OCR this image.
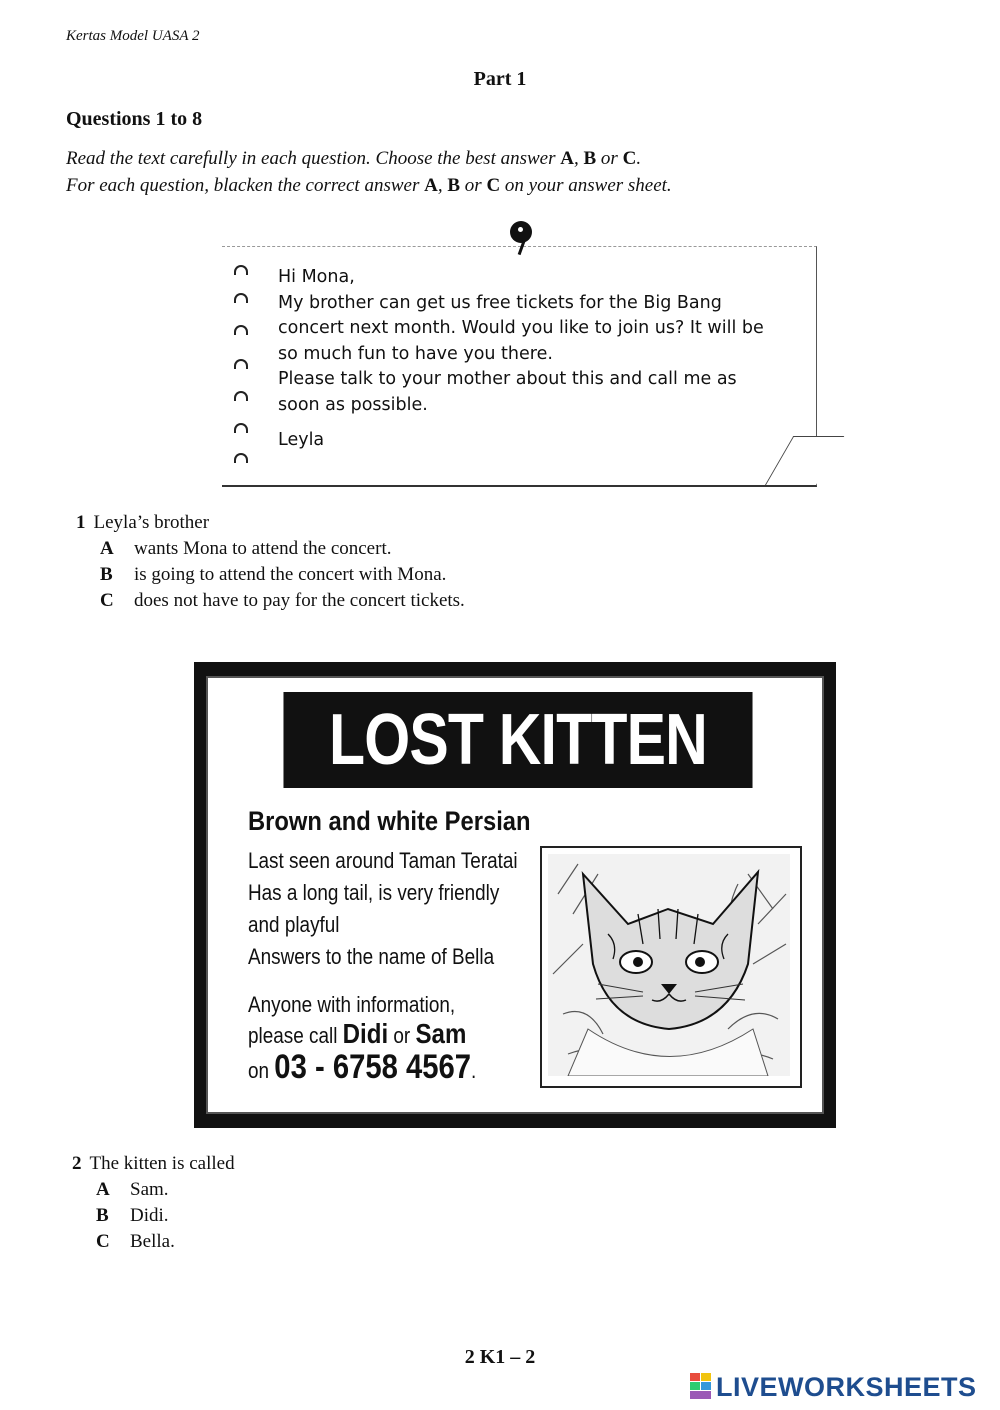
Kertas Model UASA 2
Part 1
Questions 1 to 8
Read the text carefully in each question. Choose the best answer A, B or C.
For each question, blacken the correct answer A, B or C on your answer sheet.
Hi Mona,
My brother can get us free tickets for the Big Bang
concert next month. Would you like to join us? It will be
so much fun to have you there.
Please talk to your mother about this and call me as
soon as possible.
Leyla
1 Leyla’s brother
A wants Mona to attend the concert.
B is going to attend the concert with Mona.
C does not have to pay for the concert tickets.
LOST KITTEN
Brown and white Persian
Last seen around Taman Teratai
Has a long tail, is very friendly
and playful
Answers to the name of Bella
Anyone with information,
please call Didi or Sam
on 03 - 6758 4567.
2 The kitten is called
A Sam.
B Didi.
C Bella.
2 K1 – 2
LIVEWORKSHEETS
